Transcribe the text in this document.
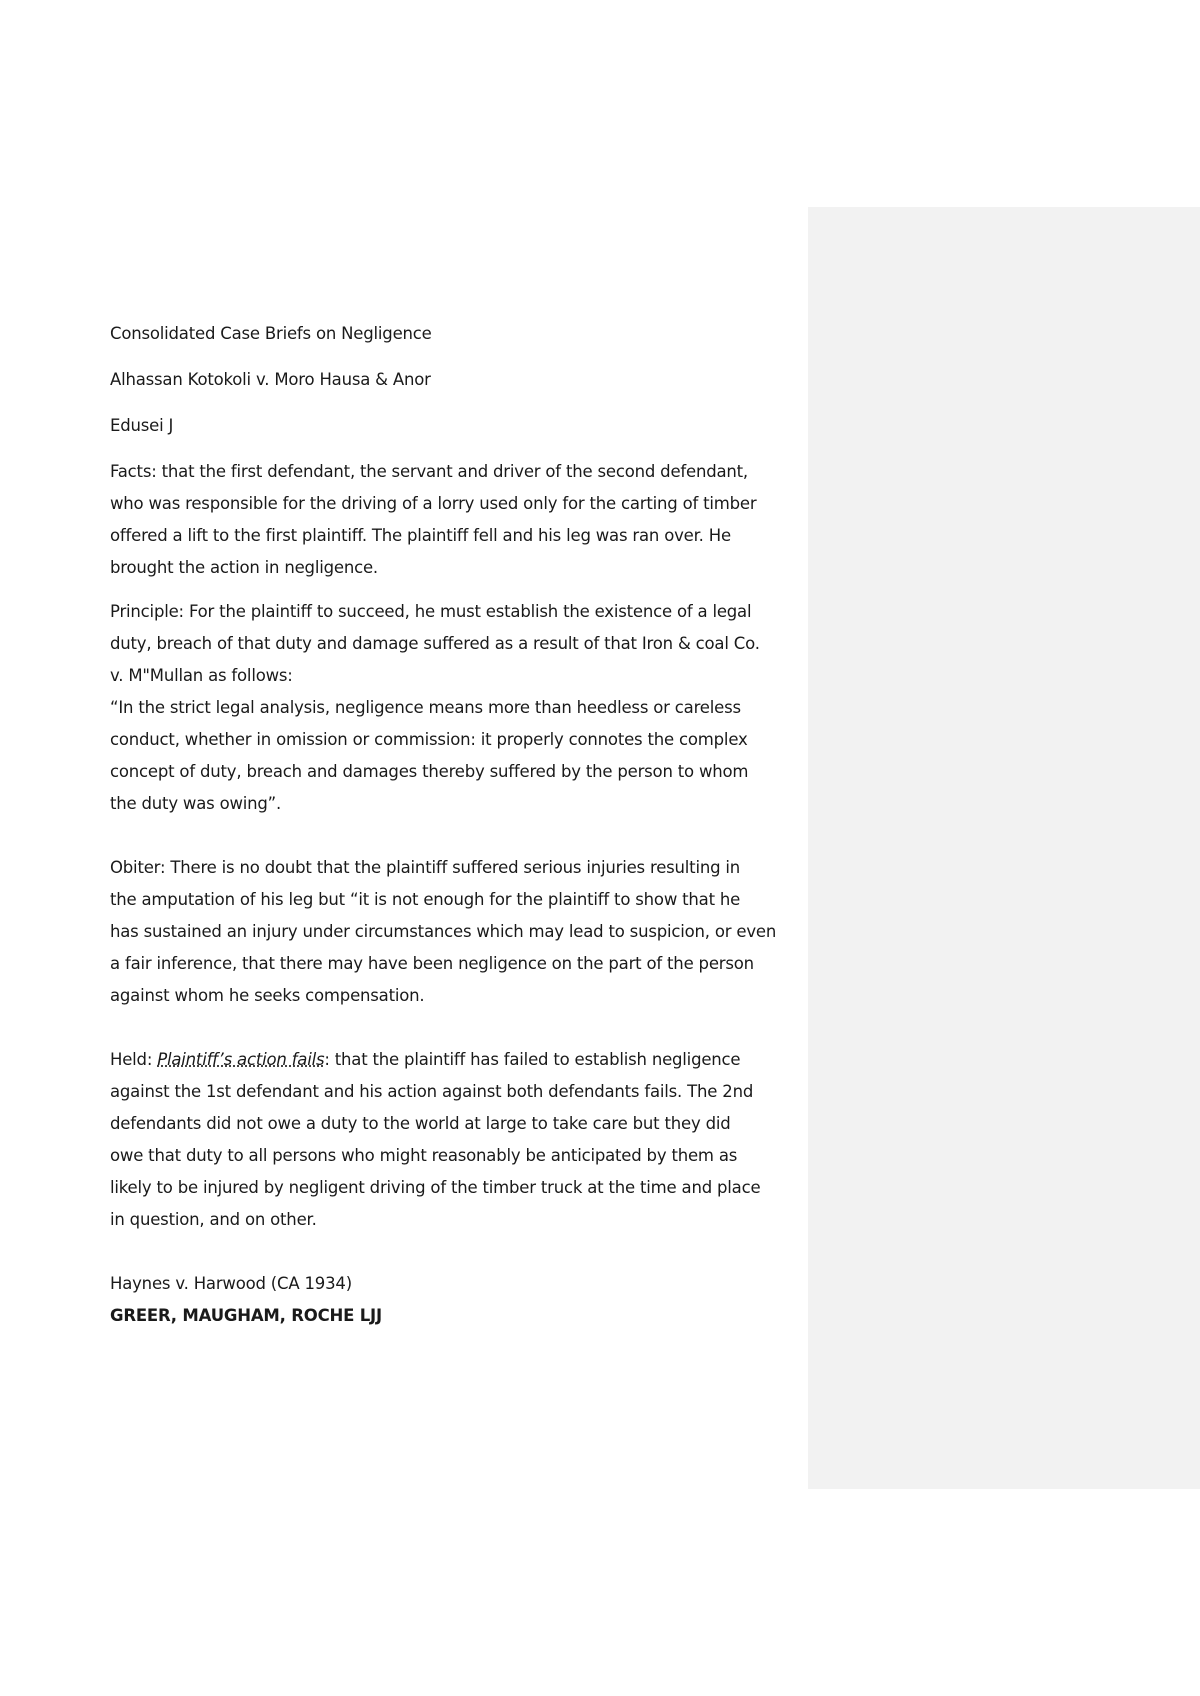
Consolidated Case Briefs on Negligence

Alhassan Kotokoli v. Moro Hausa & Anor

Edusei J

Facts: that the first defendant, the servant and driver of the second defendant,
who was responsible for the driving of a lorry used only for the carting of timber
offered a lift to the first plaintiff. The plaintiff fell and his leg was ran over. He
brought the action in negligence.
Principle: For the plaintiff to succeed, he must establish the existence of a legal
duty, breach of that duty and damage suffered as a result of that Iron & coal Co.
v. M"Mullan as follows:
“In the strict legal analysis, negligence means more than heedless or careless
conduct, whether in omission or commission: it properly connotes the complex
concept of duty, breach and damages thereby suffered by the person to whom
the duty was owing”.
Obiter: There is no doubt that the plaintiff suffered serious injuries resulting in
the amputation of his leg but “it is not enough for the plaintiff to show that he
has sustained an injury under circumstances which may lead to suspicion, or even
a fair inference, that there may have been negligence on the part of the person
against whom he seeks compensation.
Held: Plaintiff’s action fails: that the plaintiff has failed to establish negligence
against the 1st defendant and his action against both defendants fails. The 2nd
defendants did not owe a duty to the world at large to take care but they did
owe that duty to all persons who might reasonably be anticipated by them as
likely to be injured by negligent driving of the timber truck at the time and place
in question, and on other.
Haynes v. Harwood (CA 1934)
GREER, MAUGHAM, ROCHE LJJ
